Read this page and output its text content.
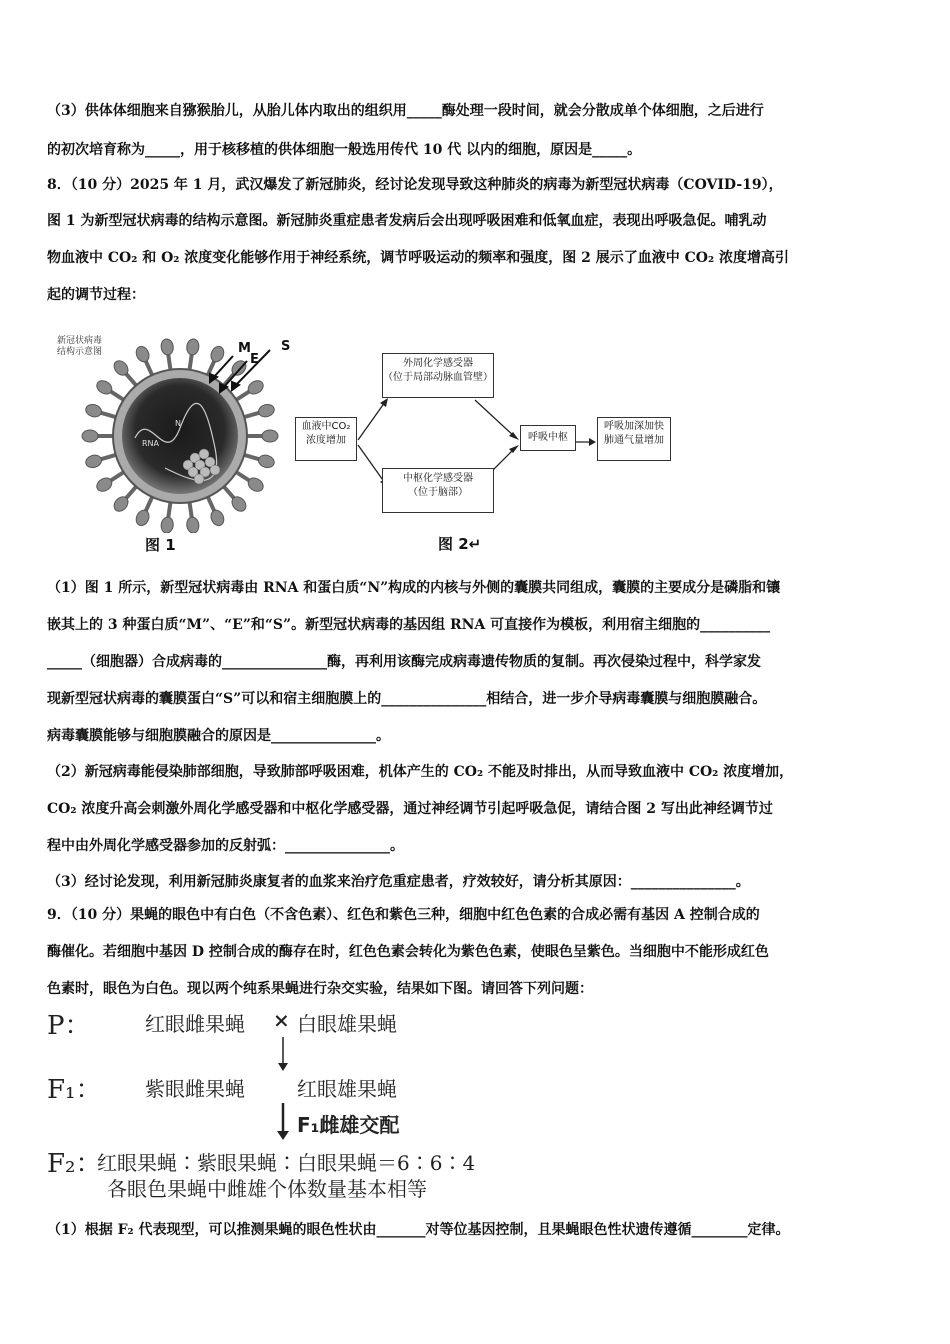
（3）供体体细胞来自猕猴胎儿，从胎儿体内取出的组织用_____酶处理一段时间，就会分散成单个体细胞，之后进行
的初次培育称为_____，用于核移植的供体细胞一般选用传代 10 代 以内的细胞，原因是_____。
8．（10 分）2025 年 1 月，武汉爆发了新冠肺炎，经讨论发现导致这种肺炎的病毒为新型冠状病毒（COVID-19），
图 1 为新型冠状病毒的结构示意图。新冠肺炎重症患者发病后会出现呼吸困难和低氧血症，表现出呼吸急促。哺乳动
物血液中 CO₂ 和 O₂ 浓度变化能够作用于神经系统，调节呼吸运动的频率和强度，图 2 展示了血液中 CO₂ 浓度增高引
起的调节过程：
新冠状病毒
结构示意图
RNA
N
M
E
S
图 1
血液中CO₂
浓度增加
外周化学感受器
（位于局部动脉血管壁）
中枢化学感受器
（位于脑部）
呼吸中枢
呼吸加深加快
肺通气量增加
图 2↵
（1）图 1 所示，新型冠状病毒由 RNA 和蛋白质“N”构成的内核与外侧的囊膜共同组成，囊膜的主要成分是磷脂和镶
嵌其上的 3 种蛋白质“M”、“E”和“S”。新型冠状病毒的基因组 RNA 可直接作为模板，利用宿主细胞的__________
_____（细胞器）合成病毒的_______________酶，再利用该酶完成病毒遗传物质的复制。再次侵染过程中，科学家发
现新型冠状病毒的囊膜蛋白“S”可以和宿主细胞膜上的_______________相结合，进一步介导病毒囊膜与细胞膜融合。
病毒囊膜能够与细胞膜融合的原因是_______________。
（2）新冠病毒能侵染肺部细胞，导致肺部呼吸困难，机体产生的 CO₂ 不能及时排出，从而导致血液中 CO₂ 浓度增加，
CO₂ 浓度升高会刺激外周化学感受器和中枢化学感受器，通过神经调节引起呼吸急促，请结合图 2 写出此神经调节过
程中由外周化学感受器参加的反射弧：_______________。
（3）经讨论发现，利用新冠肺炎康复者的血浆来治疗危重症患者，疗效较好，请分析其原因：_______________。
9．（10 分）果蝇的眼色中有白色（不含色素）、红色和紫色三种，细胞中红色色素的合成必需有基因 A 控制合成的
酶催化。若细胞中基因 D 控制合成的酶存在时，红色色素会转化为紫色色素，使眼色呈紫色。当细胞中不能形成红色
色素时，眼色为白色。现以两个纯系果蝇进行杂交实验，结果如下图。请回答下列问题：
P：	红眼雌果蝇 × 白眼雄果蝇
F₁： 紫眼雌果蝇	红眼雄果蝇
F₁雌雄交配
F₂：
红眼果蝇∶紫眼果蝇∶白眼果蝇＝6∶6∶4
各眼色果蝇中雌雄个体数量基本相等
（1）根据 F₂ 代表现型，可以推测果蝇的眼色性状由_______对等位基因控制，且果蝇眼色性状遗传遵循________定律。
